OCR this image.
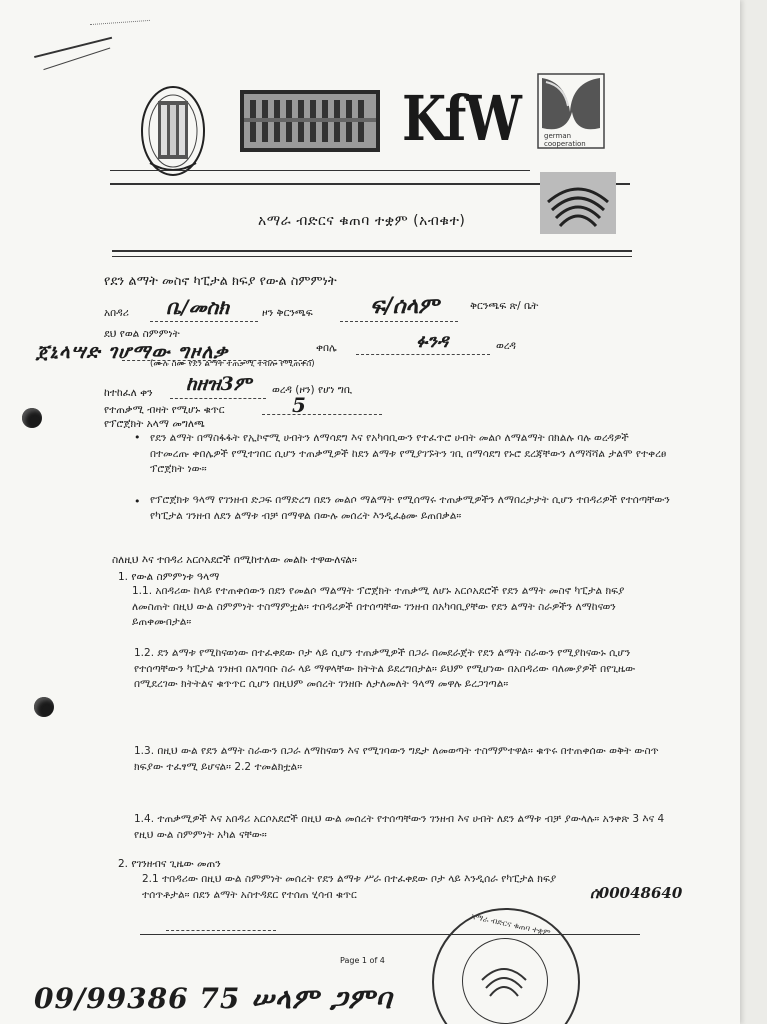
KfW	german cooperation
አማራ ብድርና ቁጠባ ተቋም (አብቁተ)
የደን ልማት መስኖ ካፒታል ክፍያ የውል ስምምነት
አበዳሪ ቤ/መስክ	ዞን ቅርንጫፍ	ፍ/ሰላም	ቅርንጫፍ ጽ/ ቤት
ደህ የወል ስምምነት
ጀኒላሣድ ገሆማው ግዞለቃ	ቀበሌ	ፉንዳ	ወረዳ
(ሙሉ ስሙ የደን ልማት ተጠቃሚ ተብሎ የሚጠቀስ)
ከተከፈለ ቀን ከዘዝ3ም ወረዳ (ዞን) የሆነ ግቢ
የተጠቃሚ ብዛት የሚሆኑ ቁጥር	5
የፕሮጀክት አላማ መግለጫ
• የደን ልማት በማስፋፋት የኢኮኖሚ ሀብትን ለማሳደግ እና የአካባቢውን የተፈጥሮ ሀብት መልሶ ለማልማት በክልሉ ባሉ ወረዳዎች በተመረጡ ቀበሌዎች የሚተገበር ሲሆን ተጠቃሚዎች ከደን ልማቱ የሚያገኙትን ገቢ በማሳደግ የኑሮ ደረጃቸውን ለማሻሻል ታልሞ የተቀረፀ ፕሮጀክት ነው።
• የፕሮጀክቱ ዓላማ የገንዘብ ድጋፍ በማድረግ በደን መልሶ ማልማት የሚሰማሩ ተጠቃሚዎችን ለማበረታታት ሲሆን ተበዳሪዎች የተሰጣቸውን የካፒታል ገንዘብ ለደን ልማቱ ብቻ በማዋል በውሉ መሰረት እንዲፈፅሙ ይጠበቃል።
ስለዚህ እና ተበዳሪ አርሶአደሮች በሚከተለው መልኩ ተዋውለናል።
1. የውል ስምምነቱ ዓላማ
1.1. አበዳሪው ከላይ የተጠቀሰውን በደን የመልሶ ማልማት ፕሮጀክት ተጠቃሚ ለሆኑ አርሶአደሮች የደን ልማት መስኖ ካፒታል ክፍያ ለመስጠት በዚህ ውል ስምምነት ተስማምቷል። ተበዳሪዎች በተሰጣቸው ገንዘብ በአካባቢያቸው የደን ልማት ስራዎችን ለማከናወን ይጠቀሙበታል።
1.2. ደን ልማቱ የሚከናወነው በተፈቀደው ቦታ ላይ ሲሆን ተጠቃሚዎች በጋራ በመደራጀት የደን ልማት ስራውን የሚያከናውኑ ሲሆን የተሰጣቸውን ካፒታል ገንዘብ በአግባቡ ስራ ላይ ማዋላቸው ክትትል ይደረግበታል። ይህም የሚሆነው በአበዳሪው ባለሙያዎች በየጊዜው በሚደረገው ክትትልና ቁጥጥር ሲሆን በዚህም መሰረት ገንዘቡ ለታለመለት ዓላማ መዋሉ ይረጋገጣል።
1.3. በዚህ ውል የደን ልማት ስራውን በጋራ ለማከናወን እና የሚገባውን ግዴታ ለመወጣት ተስማምተዋል። ቁጥሩ በተጠቀሰው ወቅት ውስጥ ክፍያው ተፈፃሚ ይሆናል። 2.2 ተመልክቷል።
1.4. ተጠቃሚዎች እና አበዳሪ አርሶአደሮች በዚህ ውል መሰረት የተሰጣቸውን ገንዘብ እና ሀብት ለደን ልማቱ ብቻ ያውላሉ። አንቀጽ 3 እና 4 የዚህ ውል ስምምነት አካል ናቸው።
2. የገንዘብና ጊዜው መጠን
2.1 ተበዳሪው በዚህ ውል ስምምነት መሰረት የደን ልማቱ ሥራ በተፈቀደው ቦታ ላይ እንዲሰራ የካፒታል ክፍያ ተሰጥቶታል። በደን ልማት አስተዳደር የተሰጠ ሂሳብ ቁጥር	ሰ00048640
Page 1 of 4
አማራ ብድርና ቁጠባ ተቋም
09/99386 75 ሠላም ጋምባ
